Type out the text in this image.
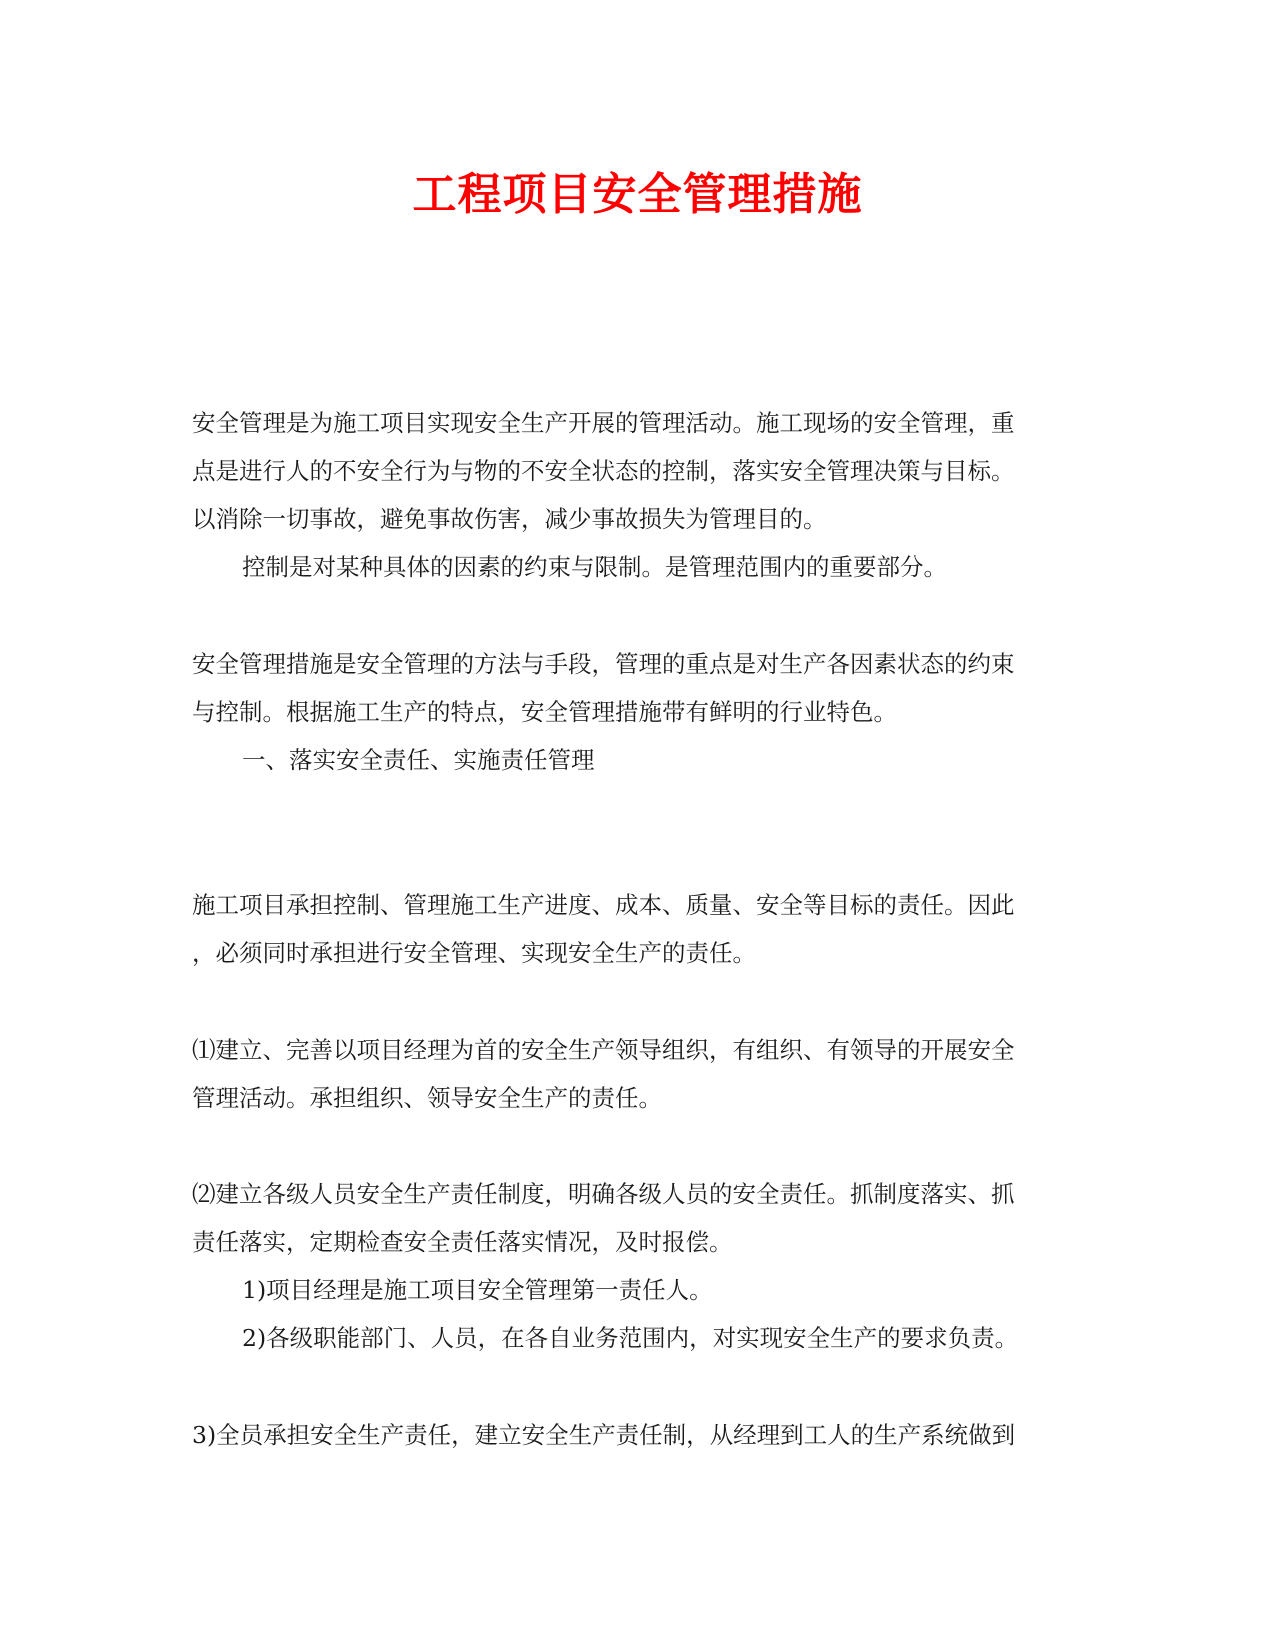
工程项目安全管理措施
安全管理是为施工项目实现安全生产开展的管理活动。施工现场的安全管理，重
点是进行人的不安全行为与物的不安全状态的控制，落实安全管理决策与目标。
以消除一切事故，避免事故伤害，减少事故损失为管理目的。
控制是对某种具体的因素的约束与限制。是管理范围内的重要部分。
安全管理措施是安全管理的方法与手段，管理的重点是对生产各因素状态的约束
与控制。根据施工生产的特点，安全管理措施带有鲜明的行业特色。
一、落实安全责任、实施责任管理
施工项目承担控制、管理施工生产进度、成本、质量、安全等目标的责任。因此
，必须同时承担进行安全管理、实现安全生产的责任。
⑴建立、完善以项目经理为首的安全生产领导组织，有组织、有领导的开展安全
管理活动。承担组织、领导安全生产的责任。
⑵建立各级人员安全生产责任制度，明确各级人员的安全责任。抓制度落实、抓
责任落实，定期检查安全责任落实情况，及时报偿。
1)项目经理是施工项目安全管理第一责任人。
2)各级职能部门、人员，在各自业务范围内，对实现安全生产的要求负责。
3)全员承担安全生产责任，建立安全生产责任制，从经理到工人的生产系统做到
